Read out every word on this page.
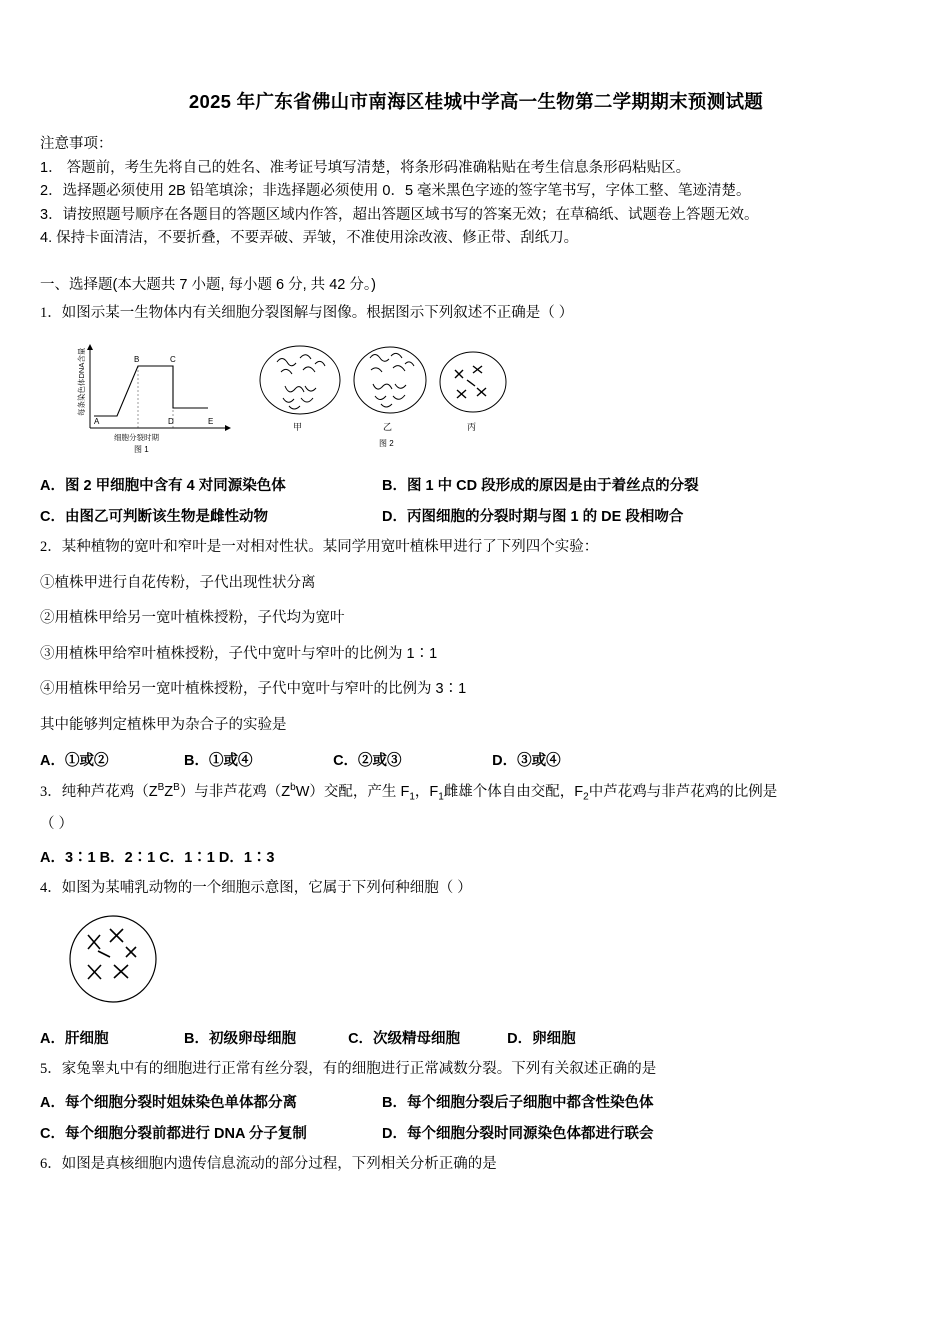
2025 年广东省佛山市南海区桂城中学高一生物第二学期期末预测试题

注意事项：

1． 答题前，考生先将自己的姓名、准考证号填写清楚，将条形码准确粘贴在考生信息条形码粘贴区。

2．选择题必须使用 2B 铅笔填涂；非选择题必须使用 0．5 毫米黑色字迹的签字笔书写，字体工整、笔迹清楚。

3．请按照题号顺序在各题目的答题区域内作答，超出答题区域书写的答案无效；在草稿纸、试题卷上答题无效。

4. 保持卡面清洁，不要折叠，不要弄破、弄皱，不准使用涂改液、修正带、刮纸刀。

一、选择题(本大题共 7 小题, 每小题 6 分, 共 42 分。)

1．如图示某一生物体内有关细胞分裂图解与图像。根据图示下列叙述不正确是（ ）

A
B	C
D	E
每条染色体DNA含量
细胞分裂时期
图 1
甲	乙	丙
图 2
A．图 2 甲细胞中含有 4 对同源染色体	B．图 1 中 CD 段形成的原因是由于着丝点的分裂
C．由图乙可判断该生物是雌性动物	D．丙图细胞的分裂时期与图 1 的 DE 段相吻合

2．某种植物的宽叶和窄叶是一对相对性状。某同学用宽叶植株甲进行了下列四个实验：

①植株甲进行自花传粉，子代出现性状分离

②用植株甲给另一宽叶植株授粉，子代均为宽叶

③用植株甲给窄叶植株授粉，子代中宽叶与窄叶的比例为 1∶1

④用植株甲给另一宽叶植株授粉，子代中宽叶与窄叶的比例为 3∶1

其中能够判定植株甲为杂合子的实验是

A．①或②	B．①或④	C．②或③	D．③或④

3．纯种芦花鸡$(Z^BZ^B)$与非芦花鸡$(Z^bW)$交配，产生 $F_1$，$F_1$雌雄个体自由交配，$F_2$中芦花鸡与非芦花鸡的比例是

（ ）

A．3∶1 B．2∶1 C．1∶1 D．1∶3

4．如图为某哺乳动物的一个细胞示意图，它属于下列何种细胞（ ）

A．肝细胞	B．初级卵母细胞	C．次级精母细胞	D．卵细胞

5．家兔睾丸中有的细胞进行正常有丝分裂，有的细胞进行正常减数分裂。下列有关叙述正确的是

A．每个细胞分裂时姐妹染色单体都分离	B．每个细胞分裂后子细胞中都含性染色体
C．每个细胞分裂前都进行 DNA 分子复制	D．每个细胞分裂时同源染色体都进行联会

6．如图是真核细胞内遗传信息流动的部分过程，下列相关分析正确的是
